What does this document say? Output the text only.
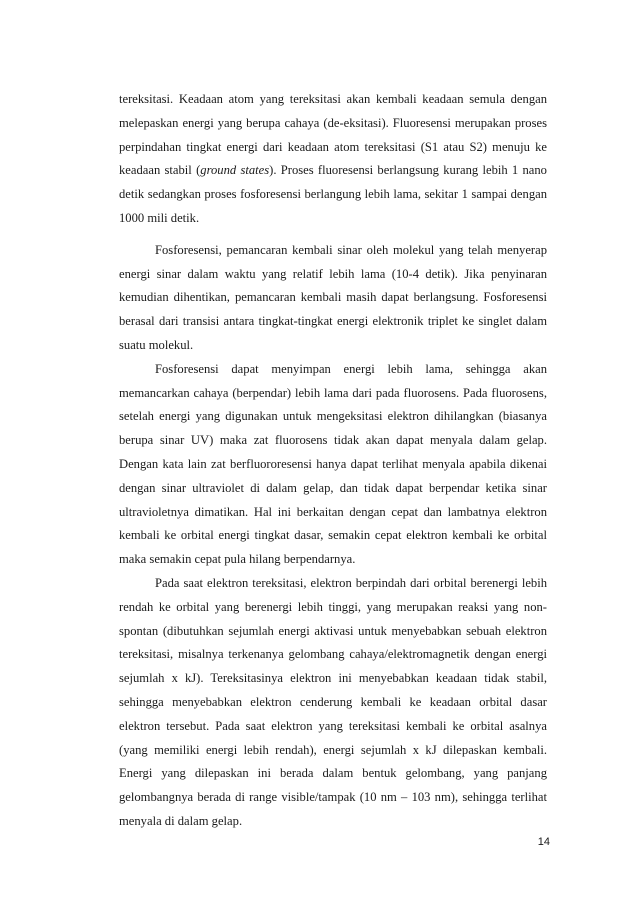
tereksitasi. Keadaan atom yang tereksitasi akan kembali keadaan semula dengan melepaskan energi yang berupa cahaya (de-eksitasi). Fluoresensi merupakan proses perpindahan tingkat energi dari keadaan atom tereksitasi (S1 atau S2) menuju ke keadaan stabil (ground states). Proses fluoresensi berlangsung kurang lebih 1 nano detik sedangkan proses fosforesensi berlangung lebih lama, sekitar 1 sampai dengan 1000 mili detik.

Fosforesensi, pemancaran kembali sinar oleh molekul yang telah menyerap energi sinar dalam waktu yang relatif lebih lama (10-4 detik). Jika penyinaran kemudian dihentikan, pemancaran kembali masih dapat berlangsung. Fosforesensi berasal dari transisi antara tingkat-tingkat energi elektronik triplet ke singlet dalam suatu molekul.

Fosforesensi dapat menyimpan energi lebih lama, sehingga akan memancarkan cahaya (berpendar) lebih lama dari pada fluorosens. Pada fluorosens, setelah energi yang digunakan untuk mengeksitasi elektron dihilangkan (biasanya berupa sinar UV) maka zat fluorosens tidak akan dapat menyala dalam gelap. Dengan kata lain zat berfluororesensi hanya dapat terlihat menyala apabila dikenai dengan sinar ultraviolet di dalam gelap, dan tidak dapat berpendar ketika sinar ultravioletnya dimatikan. Hal ini berkaitan dengan cepat dan lambatnya elektron kembali ke orbital energi tingkat dasar, semakin cepat elektron kembali ke orbital maka semakin cepat pula hilang berpendarnya.

Pada saat elektron tereksitasi, elektron berpindah dari orbital berenergi lebih rendah ke orbital yang berenergi lebih tinggi, yang merupakan reaksi yang non-spontan (dibutuhkan sejumlah energi aktivasi untuk menyebabkan sebuah elektron tereksitasi, misalnya terkenanya gelombang cahaya/elektromagnetik dengan energi sejumlah x kJ). Tereksitasinya elektron ini menyebabkan keadaan tidak stabil, sehingga menyebabkan elektron cenderung kembali ke keadaan orbital dasar elektron tersebut. Pada saat elektron yang tereksitasi kembali ke orbital asalnya (yang memiliki energi lebih rendah), energi sejumlah x kJ dilepaskan kembali. Energi yang dilepaskan ini berada dalam bentuk gelombang, yang panjang gelombangnya berada di range visible/tampak (10 nm – 103 nm), sehingga terlihat menyala di dalam gelap.

14
